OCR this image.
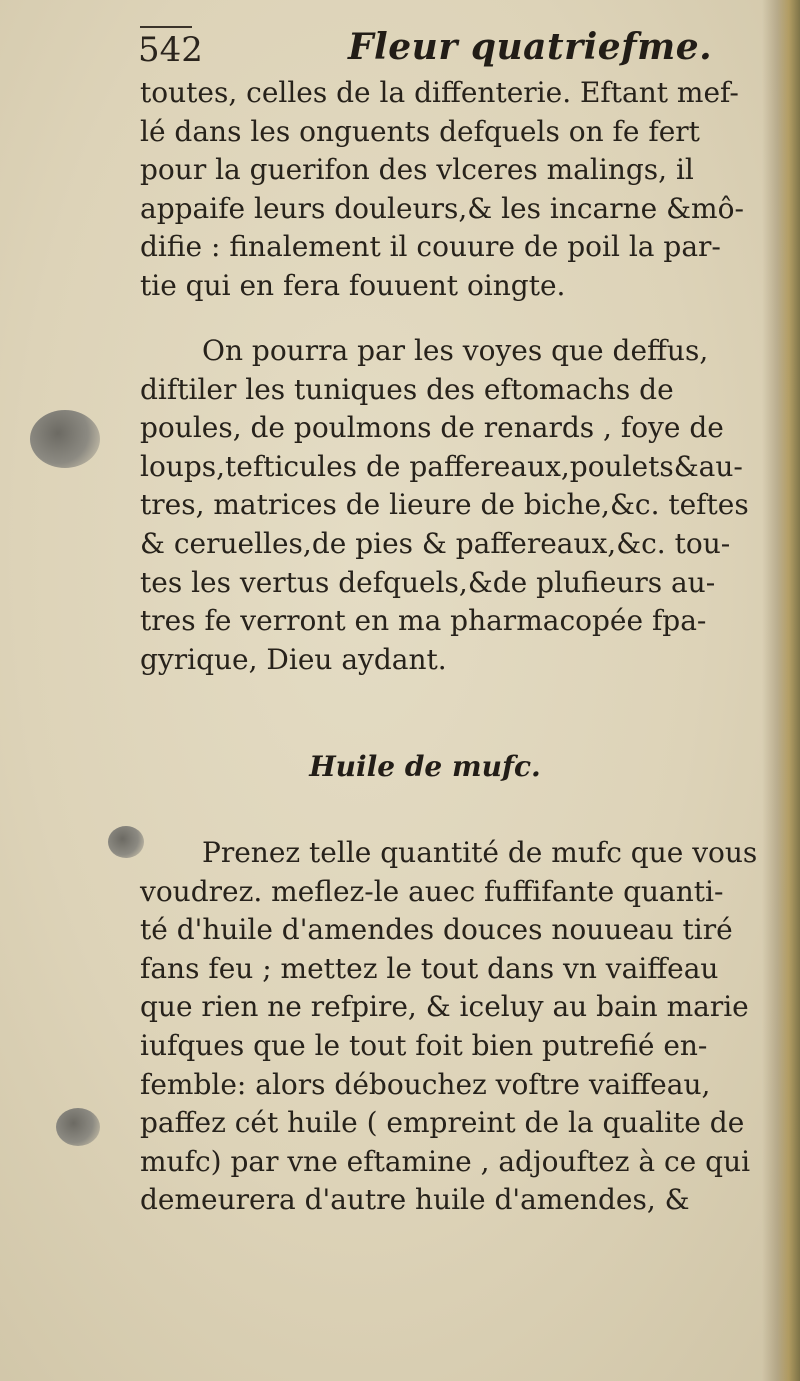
542	Fleur quatriefme.
toutes, celles de la diffenterie. Eftant mef-
lé dans les onguents defquels on fe fert
pour la guerifon des vlceres malings, il
appaife leurs douleurs,& les incarne &mô-
difie : finalement il couure de poil la par-
tie qui en fera fouuent oingte.
On pourra par les voyes que deffus,
diftiler les tuniques des eftomachs de
poules, de poulmons de renards , foye de
loups,tefticules de paffereaux,poulets&au-
tres, matrices de lieure de biche,&c. teftes
& ceruelles,de pies & paffereaux,&c. tou-
tes les vertus defquels,&de plufieurs au-
tres fe verront en ma pharmacopée fpa-
gyrique, Dieu aydant.
Huile de mufc.
Prenez telle quantité de mufc que vous
voudrez. meflez-le auec fuffifante quanti-
té d'huile d'amendes douces nouueau tiré
fans feu ; mettez le tout dans vn vaiffeau
que rien ne refpire, & iceluy au bain marie
iufques que le tout foit bien putrefié en-
femble: alors débouchez voftre vaiffeau,
paffez cét huile ( empreint de la qualite de
mufc) par vne eftamine , adjouftez à ce qui
demeurera d'autre huile d'amendes, &
